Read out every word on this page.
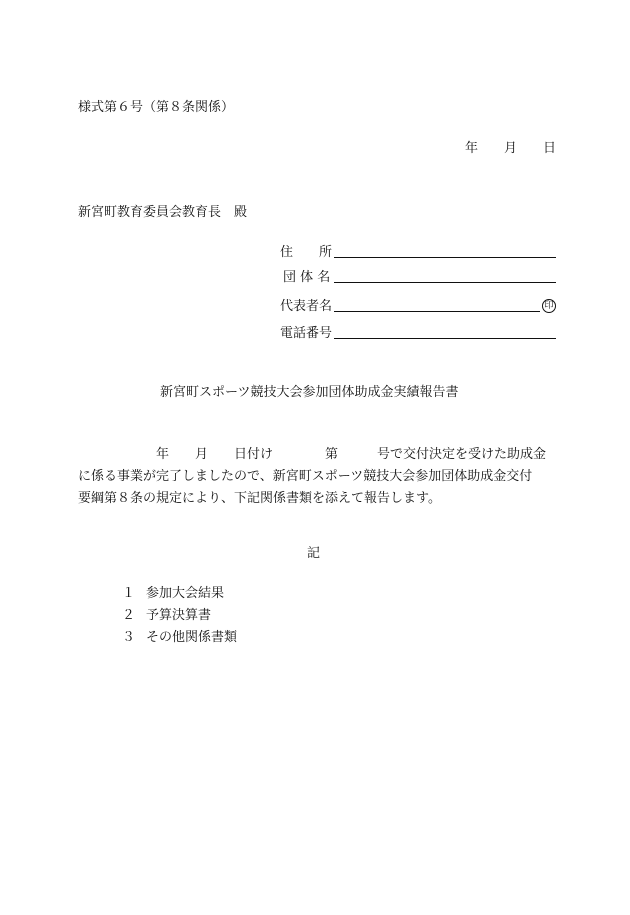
様式第６号（第８条関係）
年 月 日
新宮町教育委員会教育長　殿
住　　所
団 体 名
代表者名	印
電話番号
新宮町スポーツ競技大会参加団体助成金実績報告書
　　　　　　年　　月　　日付け　　　　第　　　号で交付決定を受けた助成金
に係る事業が完了しましたので、新宮町スポーツ競技大会参加団体助成金交付
要綱第８条の規定により、下記関係書類を添えて報告します。
記
１ 参加大会結果
２ 予算決算書
３ その他関係書類
